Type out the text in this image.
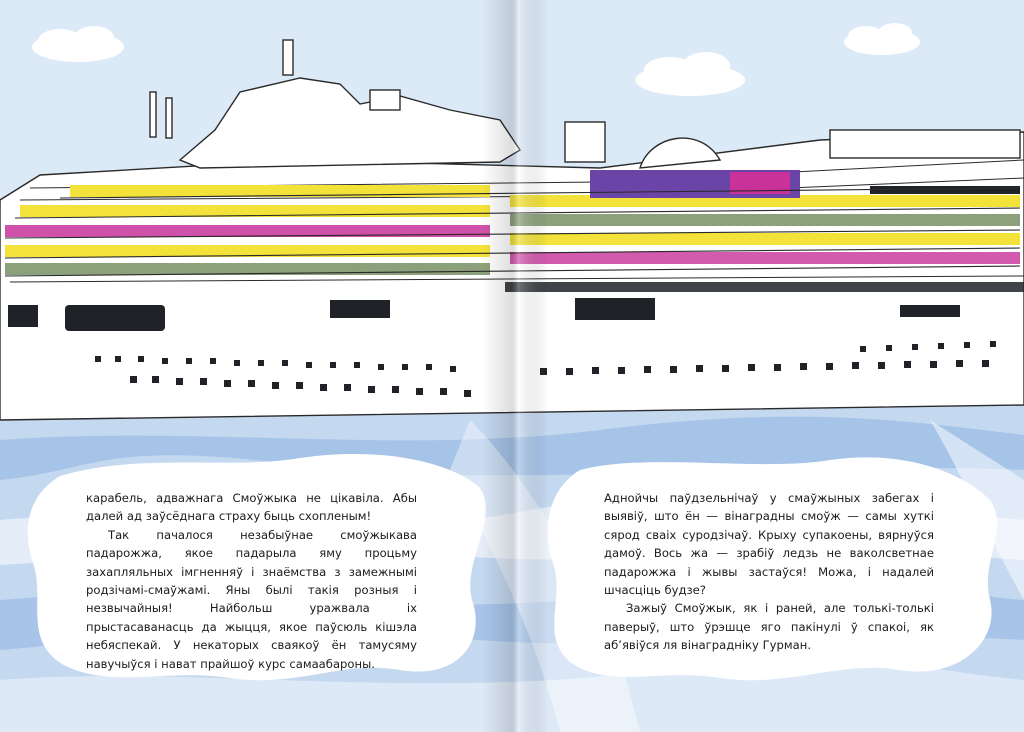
карабель, адважнага Смоўжыка не цікавіла. Абы далей ад заўсёднага страху быць схопленым!

Так пачалося незабыўнае смоўжыкава падарожжа, якое падарыла яму процьму захапляльных імгненняў і знаёмства з замежнымі родзічамі-смаўжамі. Яны былі такія розныя і незвычайныя! Найбольш уражвала іх прыстасаванасць да жыцця, якое паўсюль кішэла небяспекай. У некаторых сваякоў ён тамусяму навучыўся і нават прайшоў курс самаабароны.

Аднойчы паўдзельнічаў у смаўжыных забегах і выявіў, што ён — вінаградны смоўж — самы хуткі сярод сваіх суродзічаў. Крыху супакоены, вярнуўся дамоў. Вось жа — зрабіў ледзь не ваколсветнае падарожжа і жывы застаўся! Можа, і надалей шчасціць будзе?

Зажыў Смоўжык, як і раней, але толькі-толькі паверыў, што ўрэшце яго пакінулі ў спакоі, як аб’явіўся ля вінаградніку Гурман.
